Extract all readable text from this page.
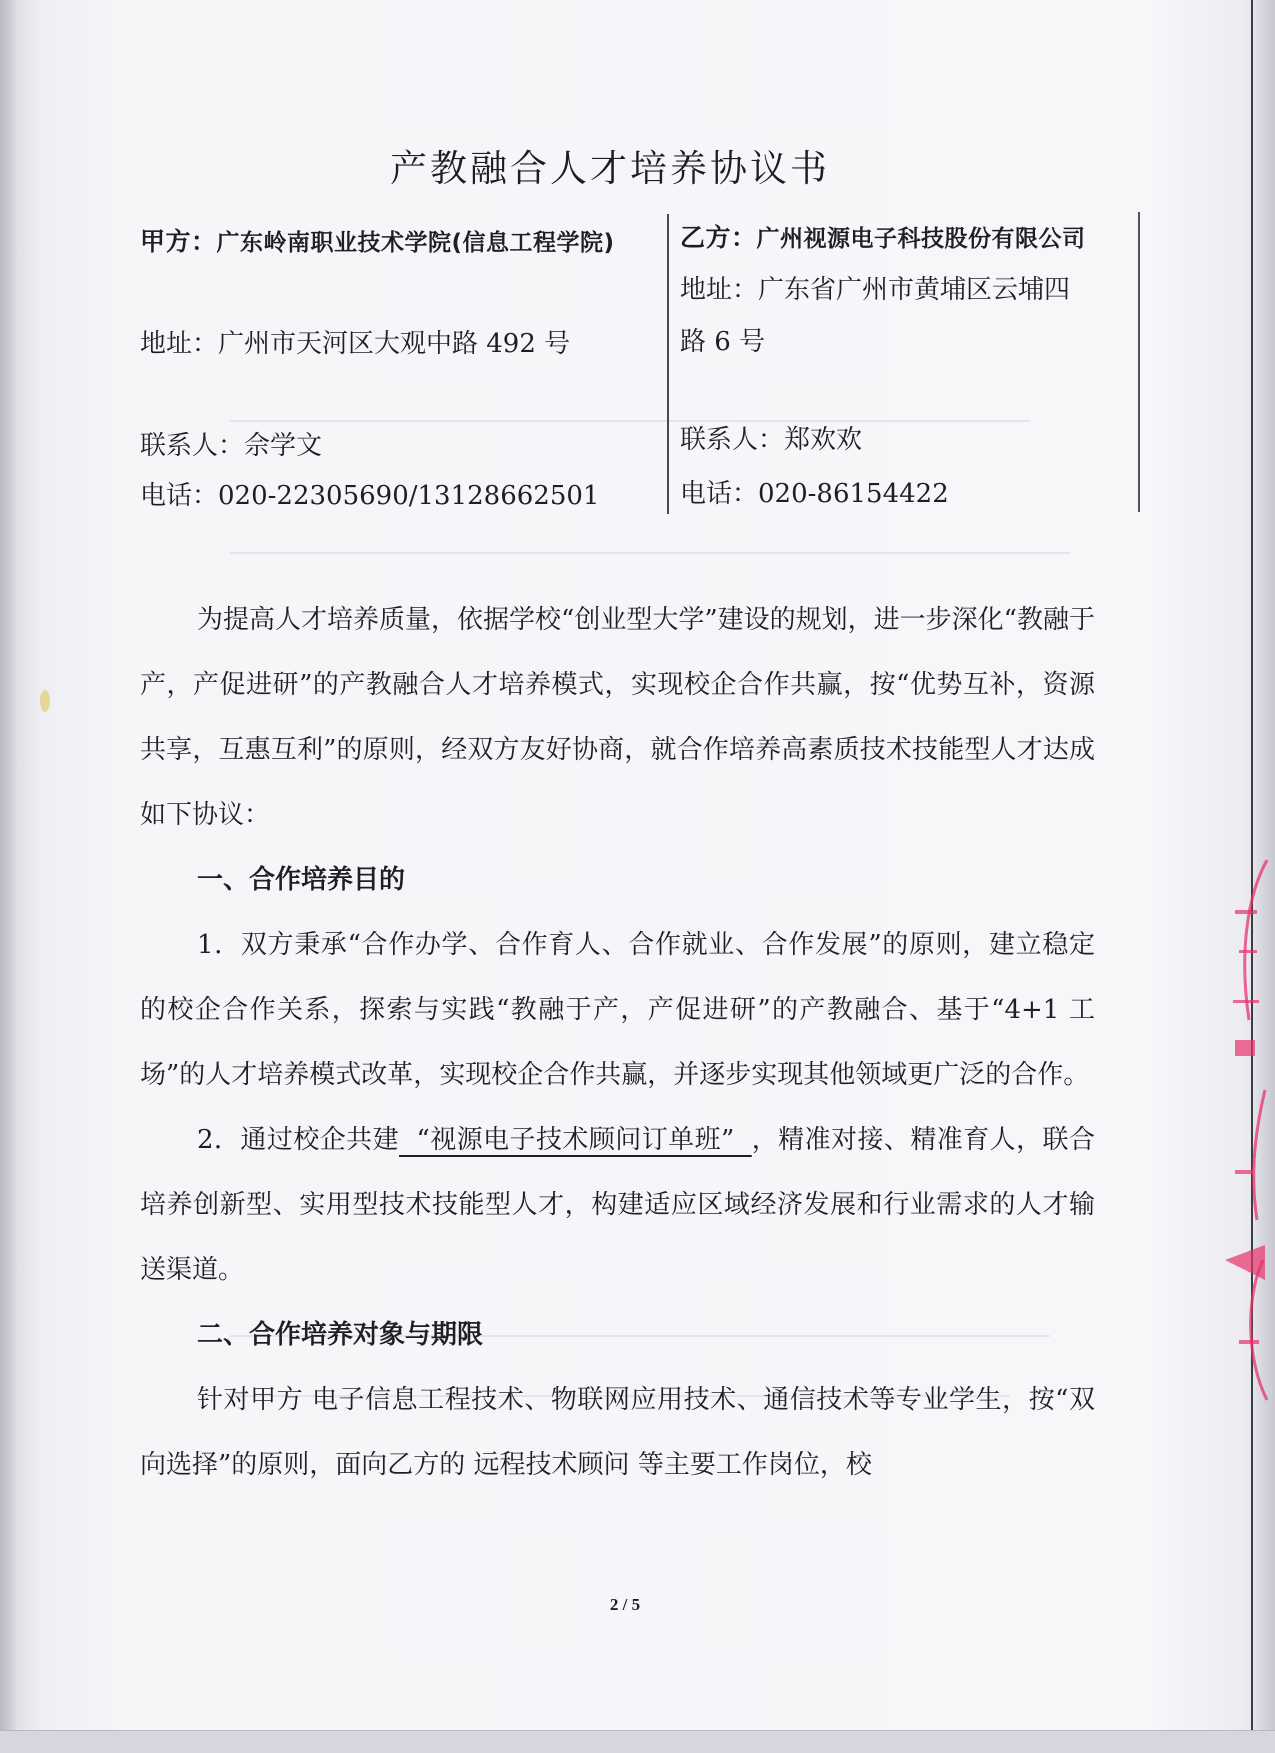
产教融合人才培养协议书
甲方：广东岭南职业技术学院(信息工程学院)
地址：广州市天河区大观中路 492 号
联系人：佘学文
电话：020-22305690/13128662501
乙方：广州视源电子科技股份有限公司
地址：广东省广州市黄埔区云埔四
路 6 号
联系人：郑欢欢
电话：020-86154422

为提高人才培养质量，依据学校“创业型大学”建设的规划，进一步深化“教融于产，产促进研”的产教融合人才培养模式，实现校企合作共赢，按“优势互补，资源共享，互惠互利”的原则，经双方友好协商，就合作培养高素质技术技能型人才达成如下协议：

一、合作培养目的

1．双方秉承“合作办学、合作育人、合作就业、合作发展”的原则，建立稳定的校企合作关系，探索与实践“教融于产，产促进研”的产教融合、基于“4+1 工场”的人才培养模式改革，实现校企合作共赢，并逐步实现其他领域更广泛的合作。

2．通过校企共建  “视源电子技术顾问订单班”  ，精准对接、精准育人，联合培养创新型、实用型技术技能型人才，构建适应区域经济发展和行业需求的人才输送渠道。

二、合作培养对象与期限

针对甲方 电子信息工程技术、物联网应用技术、通信技术等专业学生，按“双向选择”的原则，面向乙方的 远程技术顾问 等主要工作岗位，校

2 / 5
